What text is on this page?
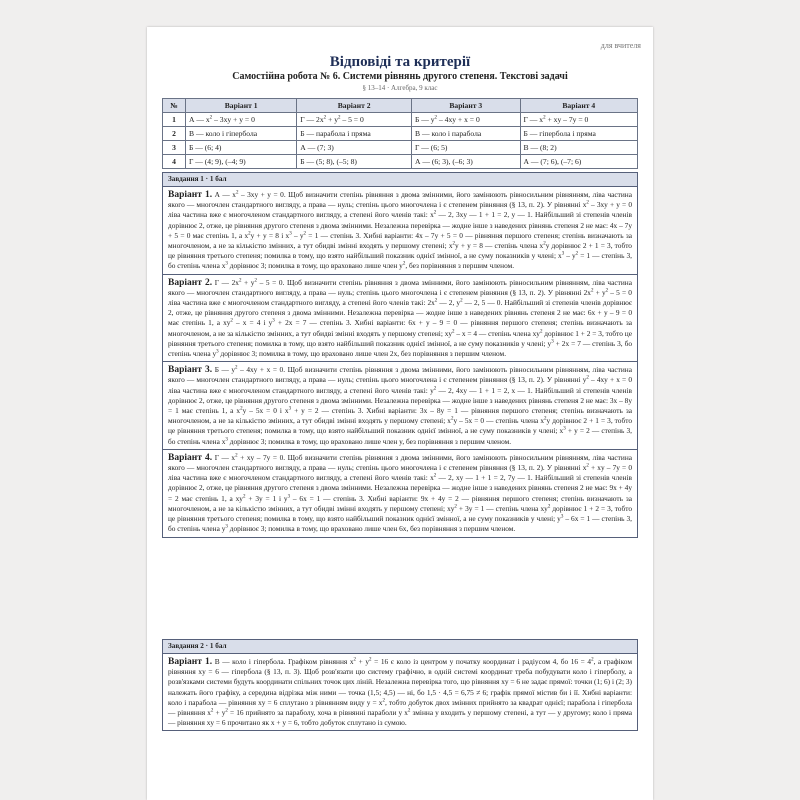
для вчителя
Відповіді та критерії
Самостійна робота № 6. Системи рівнянь другого степеня. Текстові задачі
§ 13–14 · Алгебра, 9 клас
№	Варіант 1	Варіант 2	Варіант 3	Варіант 4
1	А — $x^2 - 3xy + y = 0$	Г — $2x^2 + y^2 - 5 = 0$	Б — $y^2 - 4xy + x = 0$	Г — $x^2$ + xy – 7y = 0
2	В — коло і гіпербола	Б — парабола і пряма	В — коло і парабола	Б — гіпербола і пряма
3	Б — (6; 4)	А — (7; 3)	Г — (6; 5)	В — (8; 2)
4	Г — (4; 9), (–4; 9)	Б — (5; 8), (–5; 8)	А — (6; 3), (–6; 3)	А — (7; 6), (–7; 6)
Завдання 1 · 1 бал
Варіант 1. А — $x^2 - 3xy + y = 0$. Щоб визначити степінь рівняння з двома змінними, його замінюють рівносильним рівнянням, ліва частина якого — многочлен стандартного вигляду, а права — нуль; степінь цього многочлена і є степенем рівняння (§ 13, п. 2). У рівнянні $x^2 - 3xy + y = 0$ ліва частина вже є многочленом стандартного вигляду, а степені його членів такі: $x^2$ — 2, 3xy — 1 + 1 = 2, y — 1. Найбільший зі степенів членів дорівнює 2, отже, це рівняння другого степеня з двома змінними. Незалежна перевірка — жодне інше з наведених рівнянь степеня 2 не має: 4x – 7y + 5 = 0 має степінь 1, а $x^2y + y = 8$ і $x^3 - y^2 = 1$ — степінь 3. Хибні варіанти: 4x – 7y + 5 = 0 — рівняння першого степеня; степінь визначають за многочленом, а не за кількістю змінних, а тут обидві змінні входять у першому степені; $x^2y + y = 8$ — степінь члена $x^2y$ дорівнює 2 + 1 = 3, тобто це рівняння третього степеня; помилка в тому, що взято найбільший показник однієї змінної, а не суму показників у члені; $x^3 - y^2 = 1$ — степінь 3, бо степінь члена $x^3$ дорівнює 3; помилка в тому, що враховано лише член $y^2$, без порівняння з першим членом.
Варіант 2. Г — $2x^2 + y^2 - 5 = 0$. Щоб визначити степінь рівняння з двома змінними, його замінюють рівносильним рівнянням, ліва частина якого — многочлен стандартного вигляду, а права — нуль; степінь цього многочлена і є степенем рівняння (§ 13, п. 2). У рівнянні $2x^2 + y^2 - 5 = 0$ ліва частина вже є многочленом стандартного вигляду, а степені його членів такі: $2x^2$ — 2, $y^2$ — 2, 5 — 0. Найбільший зі степенів членів дорівнює 2, отже, це рівняння другого степеня з двома змінними. Незалежна перевірка — жодне інше з наведених рівнянь степеня 2 не має: 6x + y – 9 = 0 має степінь 1, а $xy^2 - x = 4$ і $y^3 + 2x = 7$ — степінь 3. Хибні варіанти: 6x + y – 9 = 0 — рівняння першого степеня; степінь визначають за многочленом, а не за кількістю змінних, а тут обидві змінні входять у першому степені; $xy^2 - x = 4$ — степінь члена $xy^2$ дорівнює 1 + 2 = 3, тобто це рівняння третього степеня; помилка в тому, що взято найбільший показник однієї змінної, а не суму показників у члені; $y^3 + 2x = 7$ — степінь 3, бо степінь члена $y^3$ дорівнює 3; помилка в тому, що враховано лише член 2x, без порівняння з першим членом.
Варіант 3. Б — $y^2 - 4xy + x = 0$. Щоб визначити степінь рівняння з двома змінними, його замінюють рівносильним рівнянням, ліва частина якого — многочлен стандартного вигляду, а права — нуль; степінь цього многочлена і є степенем рівняння (§ 13, п. 2). У рівнянні $y^2 - 4xy + x = 0$ ліва частина вже є многочленом стандартного вигляду, а степені його членів такі: $y^2$ — 2, 4xy — 1 + 1 = 2, x — 1. Найбільший зі степенів членів дорівнює 2, отже, це рівняння другого степеня з двома змінними. Незалежна перевірка — жодне інше з наведених рівнянь степеня 2 не має: 3x – 8y = 1 має степінь 1, а $x^2y - 5x = 0$ і $x^3 + y = 2$ — степінь 3. Хибні варіанти: 3x – 8y = 1 — рівняння першого степеня; степінь визначають за многочленом, а не за кількістю змінних, а тут обидві змінні входять у першому степені; $x^2y - 5x = 0$ — степінь члена $x^2y$ дорівнює 2 + 1 = 3, тобто це рівняння третього степеня; помилка в тому, що взято найбільший показник однієї змінної, а не суму показників у члені; $x^3 + y = 2$ — степінь 3, бо степінь члена $x^3$ дорівнює 3; помилка в тому, що враховано лише член y, без порівняння з першим членом.
Варіант 4. Г — $x^2$ + xy – 7y = 0. Щоб визначити степінь рівняння з двома змінними, його замінюють рівносильним рівнянням, ліва частина якого — многочлен стандартного вигляду, а права — нуль; степінь цього многочлена і є степенем рівняння (§ 13, п. 2). У рівнянні $x^2$ + xy – 7y = 0 ліва частина вже є многочленом стандартного вигляду, а степені його членів такі: $x^2$ — 2, xy — 1 + 1 = 2, 7y — 1. Найбільший зі степенів членів дорівнює 2, отже, це рівняння другого степеня з двома змінними. Незалежна перевірка — жодне інше з наведених рівнянь степеня 2 не має: 9x + 4y = 2 має степінь 1, а $xy^2 + 3y = 1$ і $y^3 - 6x = 1$ — степінь 3. Хибні варіанти: 9x + 4y = 2 — рівняння першого степеня; степінь визначають за многочленом, а не за кількістю змінних, а тут обидві змінні входять у першому степені; $xy^2 + 3y = 1$ — степінь члена $xy^2$ дорівнює 1 + 2 = 3, тобто це рівняння третього степеня; помилка в тому, що взято найбільший показник однієї змінної, а не суму показників у члені; $y^3 - 6x = 1$ — степінь 3, бо степінь члена $y^3$ дорівнює 3; помилка в тому, що враховано лише член 6x, без порівняння з першим членом.
Завдання 2 · 1 бал
Варіант 1. В — коло і гіпербола. Графіком рівняння $x^2 + y^2 = 16$ є коло із центром у початку координат і радіусом 4, бо $16 = 4^2$, а графіком рівняння xy = 6 — гіпербола (§ 13, п. 3). Щоб розв'язати цю систему графічно, в одній системі координат треба побудувати коло і гіперболу, а розв'язками системи будуть координати спільних точок цих ліній. Незалежна перевірка того, що рівняння xy = 6 не задає прямої: точки (1; 6) і (2; 3) належать його графіку, а середина відрізка між ними — точка (1,5; 4,5) — ні, бо 1,5 · 4,5 = 6,75 ≠ 6; графік прямої містив би і її. Хибні варіанти: коло і парабола — рівняння xy = 6 сплутано з рівнянням виду $y = x^2$, тобто добуток двох змінних прийнято за квадрат однієї; парабола і гіпербола — рівняння $x^2 + y^2 = 16$ прийнято за параболу, хоча в рівнянні параболи у $x^2$ змінна y входить у першому степені, а тут — у другому; коло і пряма — рівняння xy = 6 прочитано як x + y = 6, тобто добуток сплутано із сумою.
